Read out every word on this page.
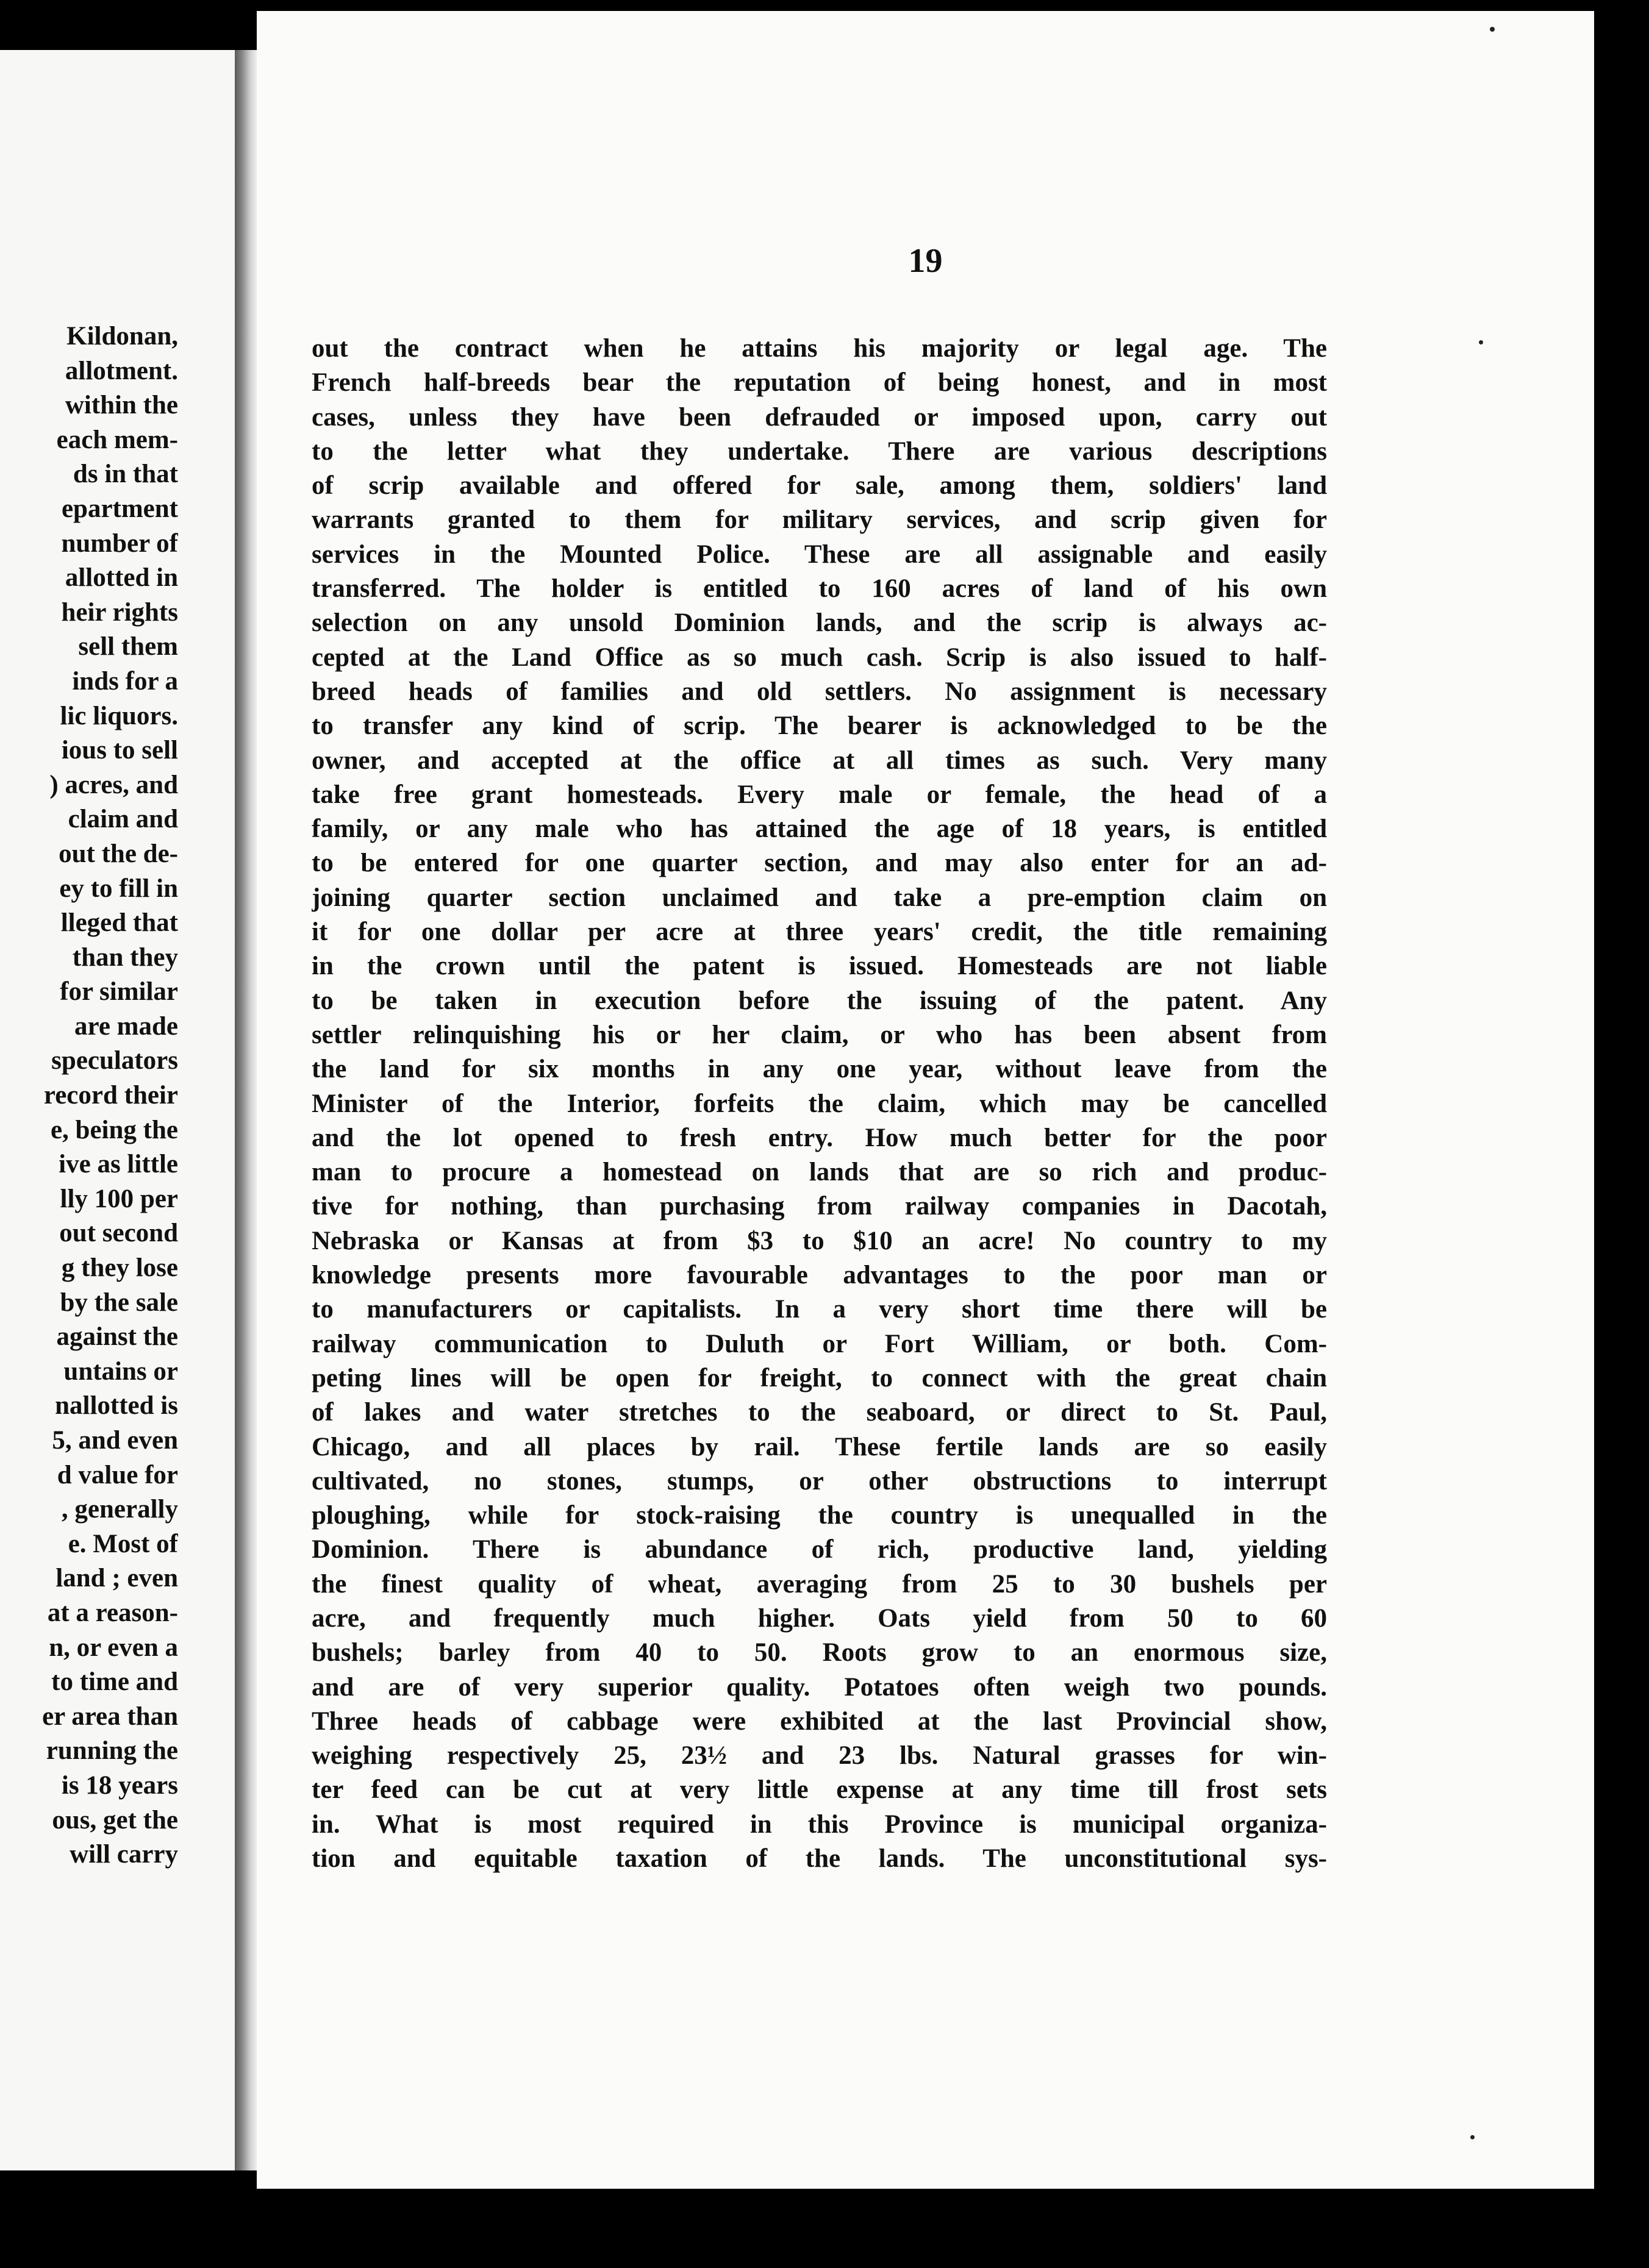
Kildonan,
allotment.
within the
each mem-
ds in that
epartment
number of
allotted in
heir rights
sell them
inds for a
lic liquors.
ious to sell
) acres, and
claim and
out the de-
ey to fill in
lleged that
than they
for similar
are made
speculators
record their
e, being the
ive as little
lly 100 per
out second
g they lose
by the sale
against the
untains or
nallotted is
5, and even
d value for
, generally
e. Most of
land ; even
at a reason-
n, or even a
to time and
er area than
running the
is 18 years
ous, get the
will carry
19
out the contract when he attains his majority or legal age. The
French half-breeds bear the reputation of being honest, and in most
cases, unless they have been defrauded or imposed upon, carry out
to the letter what they undertake. There are various descriptions
of scrip available and offered for sale, among them, soldiers' land
warrants granted to them for military services, and scrip given for
services in the Mounted Police. These are all assignable and easily
transferred. The holder is entitled to 160 acres of land of his own
selection on any unsold Dominion lands, and the scrip is always ac-
cepted at the Land Office as so much cash. Scrip is also issued to half-
breed heads of families and old settlers. No assignment is necessary
to transfer any kind of scrip. The bearer is acknowledged to be the
owner, and accepted at the office at all times as such. Very many
take free grant homesteads. Every male or female, the head of a
family, or any male who has attained the age of 18 years, is entitled
to be entered for one quarter section, and may also enter for an ad-
joining quarter section unclaimed and take a pre-emption claim on
it for one dollar per acre at three years' credit, the title remaining
in the crown until the patent is issued. Homesteads are not liable
to be taken in execution before the issuing of the patent. Any
settler relinquishing his or her claim, or who has been absent from
the land for six months in any one year, without leave from the
Minister of the Interior, forfeits the claim, which may be cancelled
and the lot opened to fresh entry. How much better for the poor
man to procure a homestead on lands that are so rich and produc-
tive for nothing, than purchasing from railway companies in Dacotah,
Nebraska or Kansas at from $3 to $10 an acre! No country to my
knowledge presents more favourable advantages to the poor man or
to manufacturers or capitalists. In a very short time there will be
railway communication to Duluth or Fort William, or both. Com-
peting lines will be open for freight, to connect with the great chain
of lakes and water stretches to the seaboard, or direct to St. Paul,
Chicago, and all places by rail. These fertile lands are so easily
cultivated, no stones, stumps, or other obstructions to interrupt
ploughing, while for stock-raising the country is unequalled in the
Dominion. There is abundance of rich, productive land, yielding
the finest quality of wheat, averaging from 25 to 30 bushels per
acre, and frequently much higher. Oats yield from 50 to 60
bushels; barley from 40 to 50. Roots grow to an enormous size,
and are of very superior quality. Potatoes often weigh two pounds.
Three heads of cabbage were exhibited at the last Provincial show,
weighing respectively 25, 23½ and 23 lbs. Natural grasses for win-
ter feed can be cut at very little expense at any time till frost sets
in. What is most required in this Province is municipal organiza-
tion and equitable taxation of the lands. The unconstitutional sys-
